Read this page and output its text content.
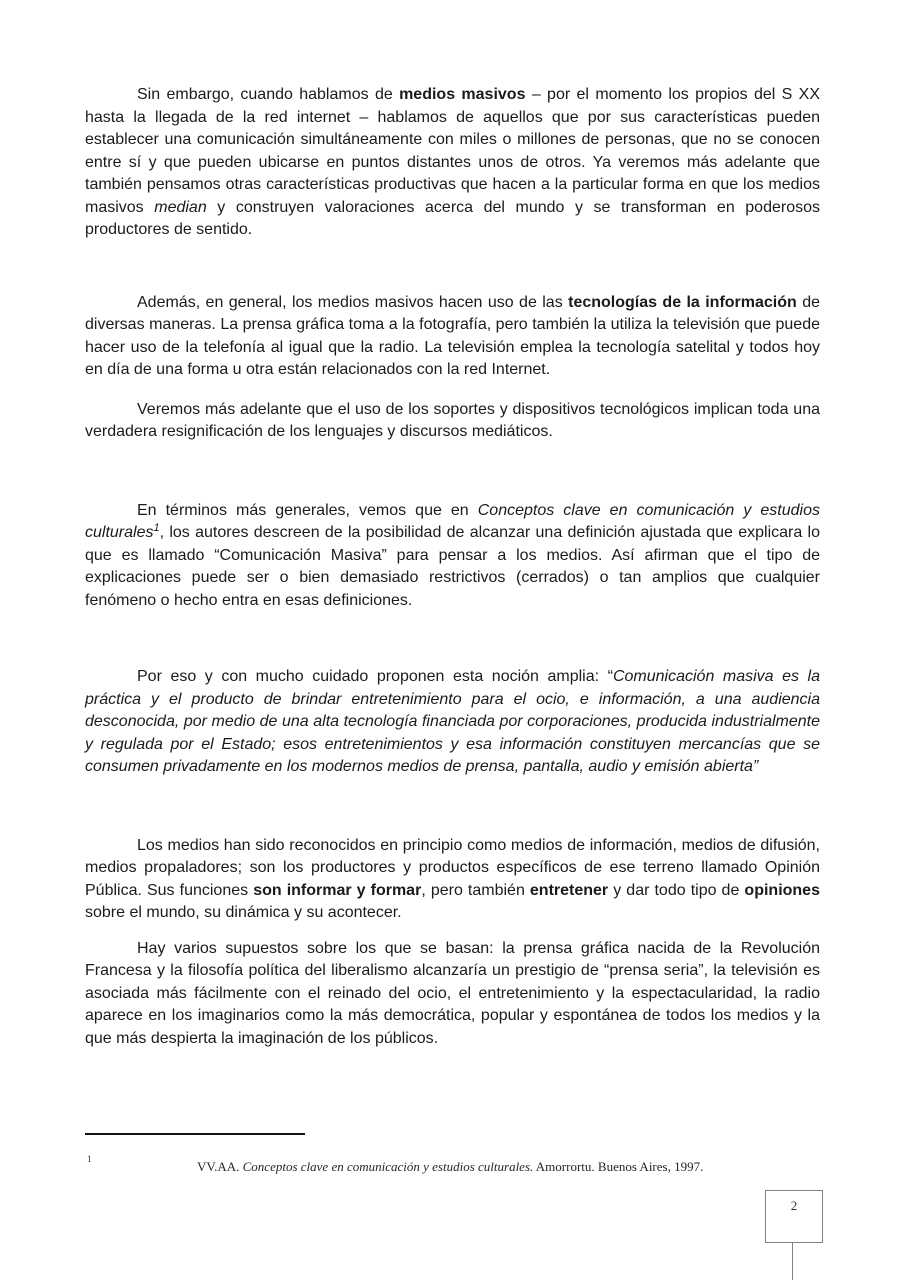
Sin embargo, cuando hablamos de medios masivos – por el momento los propios del S XX hasta la llegada de la red internet – hablamos de aquellos que por sus características pueden establecer una comunicación simultáneamente con miles o millones de personas, que no se conocen entre sí y que pueden ubicarse en puntos distantes unos de otros. Ya veremos más adelante que también pensamos otras características productivas que hacen a la particular forma en que los medios masivos median y construyen valoraciones acerca del mundo y se transforman en poderosos productores de sentido.

Además, en general, los medios masivos hacen uso de las tecnologías de la información de diversas maneras. La prensa gráfica toma a la fotografía, pero también la utiliza la televisión que puede hacer uso de la telefonía al igual que la radio. La televisión emplea la tecnología satelital y todos hoy en día de una forma u otra están relacionados con la red Internet.

Veremos más adelante que el uso de los soportes y dispositivos tecnológicos implican toda una verdadera resignificación de los lenguajes y discursos mediáticos.

En términos más generales, vemos que en Conceptos clave en comunicación y estudios culturales$^1$, los autores descreen de la posibilidad de alcanzar una definición ajustada que explicara lo que es llamado “Comunicación Masiva” para pensar a los medios. Así afirman que el tipo de explicaciones puede ser o bien demasiado restrictivos (cerrados) o tan amplios que cualquier fenómeno o hecho entra en esas definiciones.

Por eso y con mucho cuidado proponen esta noción amplia: “Comunicación masiva es la práctica y el producto de brindar entretenimiento para el ocio, e información, a una audiencia desconocida, por medio de una alta tecnología financiada por corporaciones, producida industrialmente y regulada por el Estado; esos entretenimientos y esa información constituyen mercancías que se consumen privadamente en los modernos medios de prensa, pantalla, audio y emisión abierta”

Los medios han sido reconocidos en principio como medios de información, medios de difusión, medios propaladores; son los productores y productos específicos de ese terreno llamado Opinión Pública. Sus funciones son informar y formar, pero también entretener y dar todo tipo de opiniones sobre el mundo, su dinámica y su acontecer.

Hay varios supuestos sobre los que se basan: la prensa gráfica nacida de la Revolución Francesa y la filosofía política del liberalismo alcanzaría un prestigio de “prensa seria”, la televisión es asociada más fácilmente con el reinado del ocio, el entretenimiento y la espectacularidad, la radio aparece en los imaginarios como la más democrática, popular y espontánea de todos los medios y la que más despierta la imaginación de los públicos.

1	VV.AA. Conceptos clave en comunicación y estudios culturales. Amorrortu. Buenos Aires, 1997.
2
